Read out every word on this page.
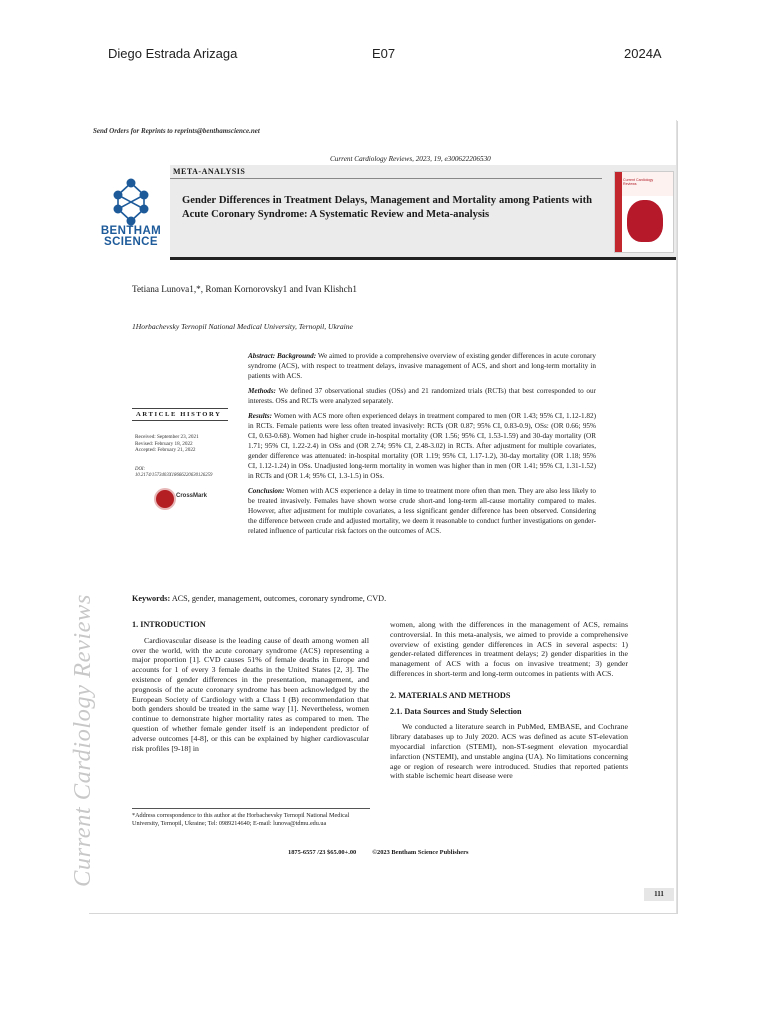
Diego Estrada Arizaga	E07	2024A
Send Orders for Reprints to reprints@benthamscience.net
Current Cardiology Reviews, 2023, 19, e300622206530
META-ANALYSIS
Gender Differences in Treatment Delays, Management and Mortality among Patients with Acute Coronary Syndrome: A Systematic Review and Meta-analysis
Current Cardiology Reviews
BENTHAM SCIENCE
Tetiana Lunova1,*, Roman Kornorovsky1 and Ivan Klishch1
1Horbachevsky Ternopil National Medical University, Ternopil, Ukraine

Abstract: Background: We aimed to provide a comprehensive overview of existing gender differences in acute coronary syndrome (ACS), with respect to treatment delays, invasive management of ACS, and short and long-term mortality in patients with ACS.

Methods: We defined 37 observational studies (OSs) and 21 randomized trials (RCTs) that best corresponded to our interests. OSs and RCTs were analyzed separately.

Results: Women with ACS more often experienced delays in treatment compared to men (OR 1.43; 95% CI, 1.12-1.82) in RCTs. Female patients were less often treated invasively: RCTs (OR 0.87; 95% CI, 0.83-0.9), OSs: (OR 0.66; 95% CI, 0.63-0.68). Women had higher crude in-hospital mortality (OR 1.56; 95% CI, 1.53-1.59) and 30-day mortality (OR 1.71; 95% CI, 1.22-2.4) in OSs and (OR 2.74; 95% CI, 2.48-3.02) in RCTs. After adjustment for multiple covariates, gender difference was attenuated: in-hospital mortality (OR 1.19; 95% CI, 1.17-1.2), 30-day mortality (OR 1.18; 95% CI, 1.12-1.24) in OSs. Unadjusted long-term mortality in women was higher than in men (OR 1.41; 95% CI, 1.31-1.52) in RCTs and (OR 1.4; 95% CI, 1.3-1.5) in OSs.

Conclusion: Women with ACS experience a delay in time to treatment more often than men. They are also less likely to be treated invasively. Females have shown worse crude short-and long-term all-cause mortality compared to males. However, after adjustment for multiple covariates, a less significant gender difference has been observed. Considering the difference between crude and adjusted mortality, we deem it reasonable to conduct further investigations on gender-related influence of particular risk factors on the outcomes of ACS.

ARTICLE HISTORY
Received: September 23, 2021
Revised: February 18, 2022
Accepted: February 21, 2022
DOI:
10.2174/1573403X18666220630126259
CrossMark
Keywords: ACS, gender, management, outcomes, coronary syndrome, CVD.
1. INTRODUCTION

Cardiovascular disease is the leading cause of death among women all over the world, with the acute coronary syndrome (ACS) representing a major proportion [1]. CVD causes 51% of female deaths in Europe and accounts for 1 of every 3 female deaths in the United States [2, 3]. The existence of gender differences in the presentation, management, and prognosis of the acute coronary syndrome has been acknowledged by the European Society of Cardiology with a Class I (B) recommendation that both genders should be treated in the same way [1]. Nevertheless, women continue to demonstrate higher mortality rates as compared to men. The question of whether female gender itself is an independent predictor of adverse outcomes [4-8], or this can be explained by higher cardiovascular risk profiles [9-18] in

women, along with the differences in the management of ACS, remains controversial. In this meta-analysis, we aimed to provide a comprehensive overview of existing gender differences in ACS in several aspects: 1) gender-related differences in treatment delays; 2) gender disparities in the management of ACS with a focus on invasive treatment; 3) gender differences in short-term and long-term outcomes in patients with ACS.

2. MATERIALS AND METHODS
2.1. Data Sources and Study Selection

We conducted a literature search in PubMed, EMBASE, and Cochrane library databases up to July 2020. ACS was defined as acute ST-elevation myocardial infarction (STEMI), non-ST-segment elevation myocardial infarction (NSTEMI), and unstable angina (UA). No limitations concerning age or region of research were introduced. Studies that reported patients with stable ischemic heart disease were

*Address correspondence to this author at the Horbachevsky Ternopil National Medical University, Ternopil, Ukraine; Tel: 0989214640; E-mail: lunova@tdmu.edu.ua
1875-6557 /23 $65.00+.00          ©2023 Bentham Science Publishers
111
Current Cardiology Reviews
